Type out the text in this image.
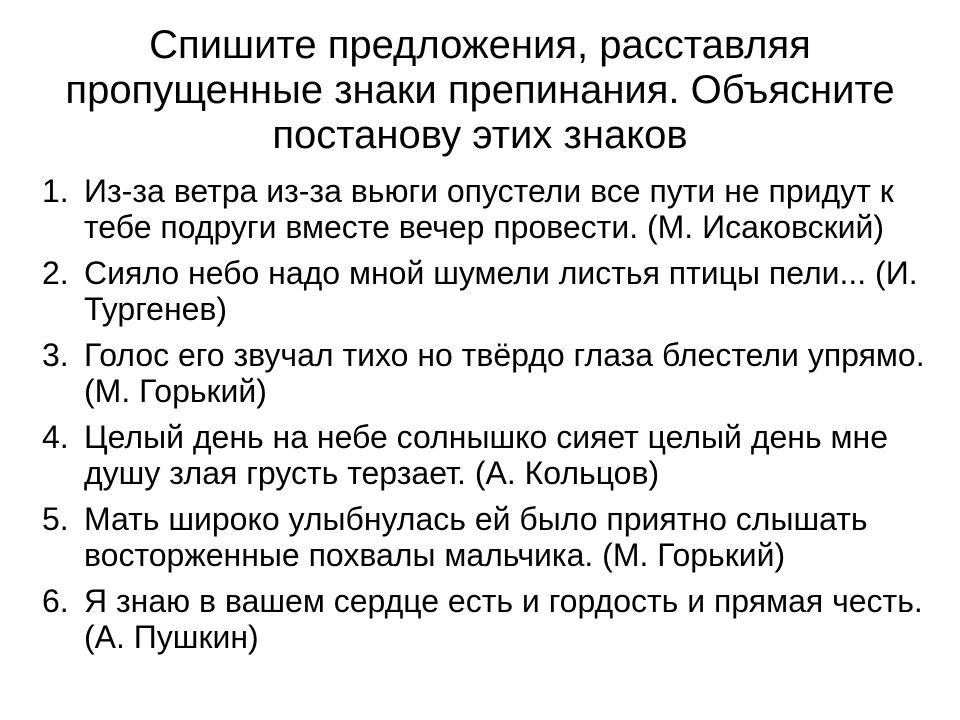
Спишите предложения, расставляя
пропущенные знаки препинания. Объясните
постанову этих знаков
1. Из-за ветра из-за вьюги опустели все пути не придут к тебе подруги вместе вечер провести. (М. Исаковский)
2. Сияло небо надо мной шумели листья птицы пели... (И. Тургенев)
3. Голос его звучал тихо но твёрдо глаза блестели упрямо. (М. Горький)
4. Целый день на небе солнышко сияет целый день мне душу злая грусть терзает. (А. Кольцов)
5. Мать широко улыбнулась ей было приятно слышать восторженные похвалы мальчика. (М. Горький)
6. Я знаю в вашем сердце есть и гордость и прямая честь. (А. Пушкин)
